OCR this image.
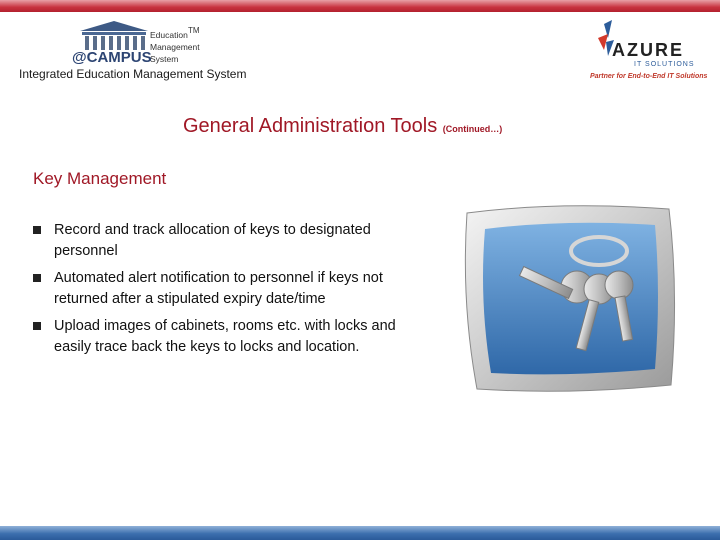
@CAMPUS
Education TM
Management
System
Integrated Education Management System
AZURE
IT SOLUTIONS
Partner for End-to-End IT Solutions
General Administration Tools (Continued…)
Key Management
Record and track allocation of keys to designated personnel
Automated alert notification to personnel if keys not returned after a stipulated expiry date/time
Upload images of cabinets, rooms etc. with locks and easily trace back the keys to locks and location.
